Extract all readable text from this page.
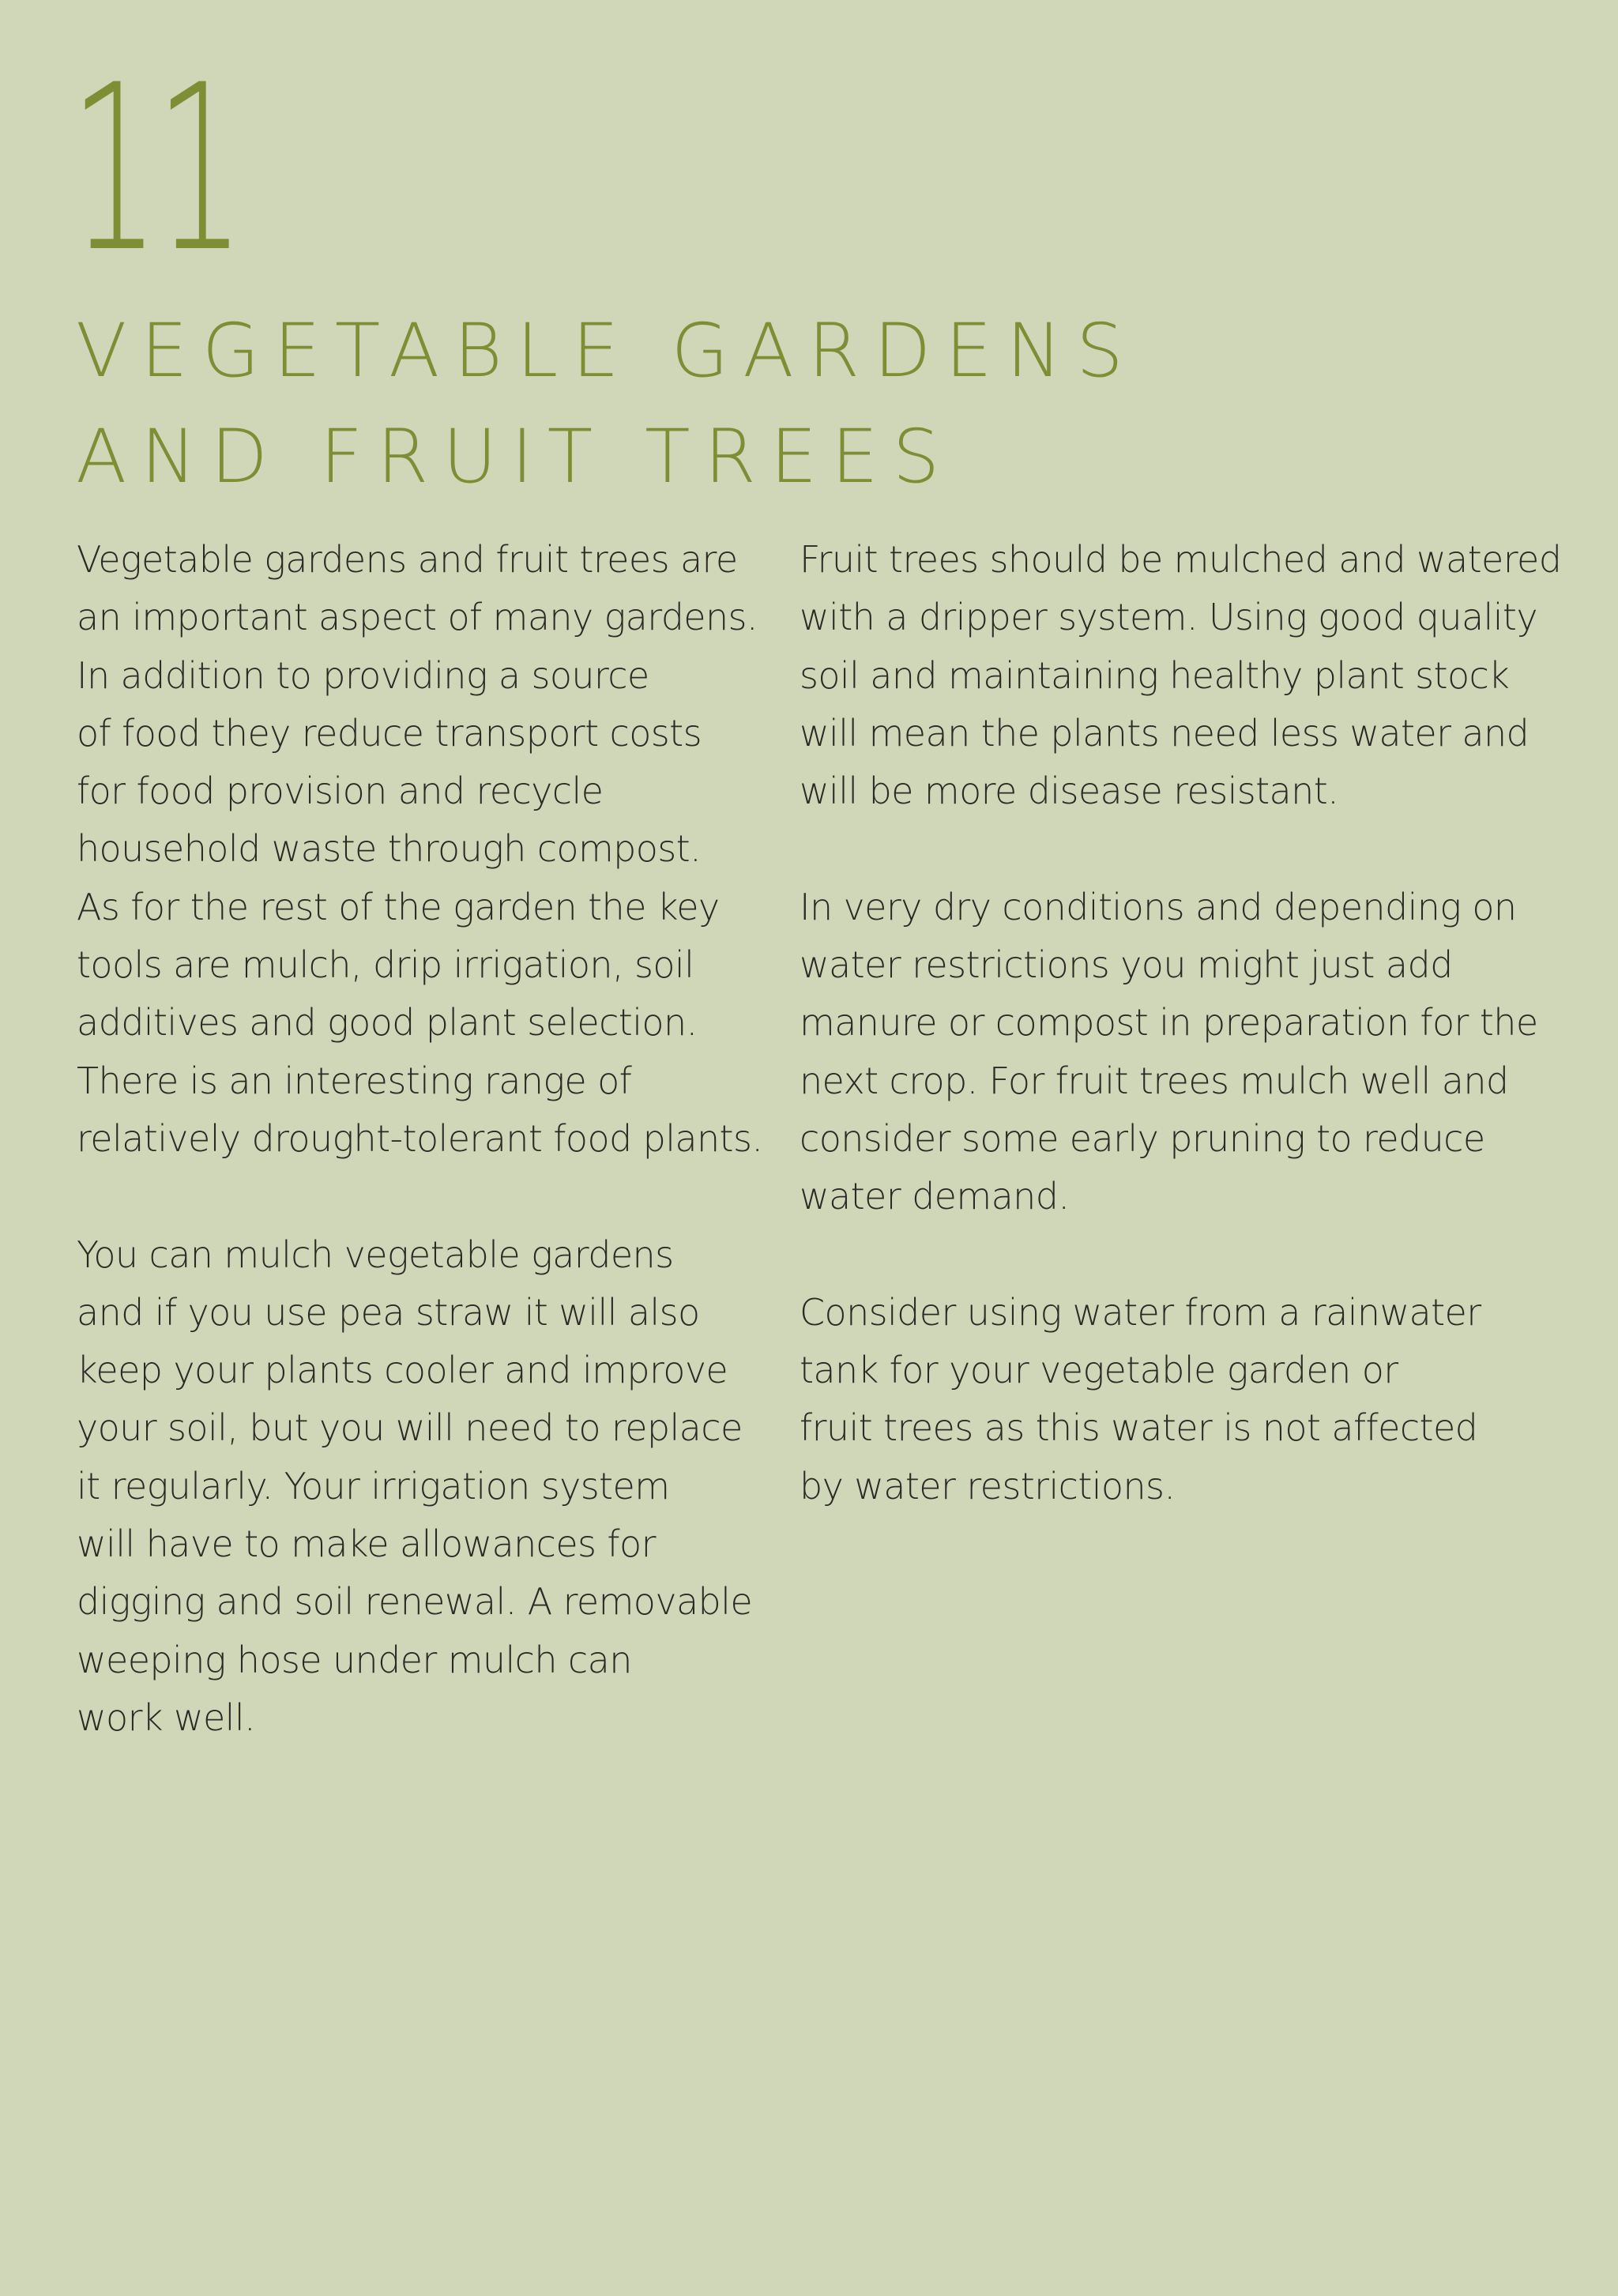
11
VEGETABLE GARDENS
AND FRUIT TREES

Vegetable gardens and fruit trees are
an important aspect of many gardens.
In addition to providing a source
of food they reduce transport costs
for food provision and recycle
household waste through compost.
As for the rest of the garden the key
tools are mulch, drip irrigation, soil
additives and good plant selection.
There is an interesting range of
relatively drought-tolerant food plants.

You can mulch vegetable gardens
and if you use pea straw it will also
keep your plants cooler and improve
your soil, but you will need to replace
it regularly. Your irrigation system
will have to make allowances for
digging and soil renewal. A removable
weeping hose under mulch can
work well.

Fruit trees should be mulched and watered
with a dripper system. Using good quality
soil and maintaining healthy plant stock
will mean the plants need less water and
will be more disease resistant.

In very dry conditions and depending on
water restrictions you might just add
manure or compost in preparation for the
next crop. For fruit trees mulch well and
consider some early pruning to reduce
water demand.

Consider using water from a rainwater
tank for your vegetable garden or
fruit trees as this water is not affected
by water restrictions.
